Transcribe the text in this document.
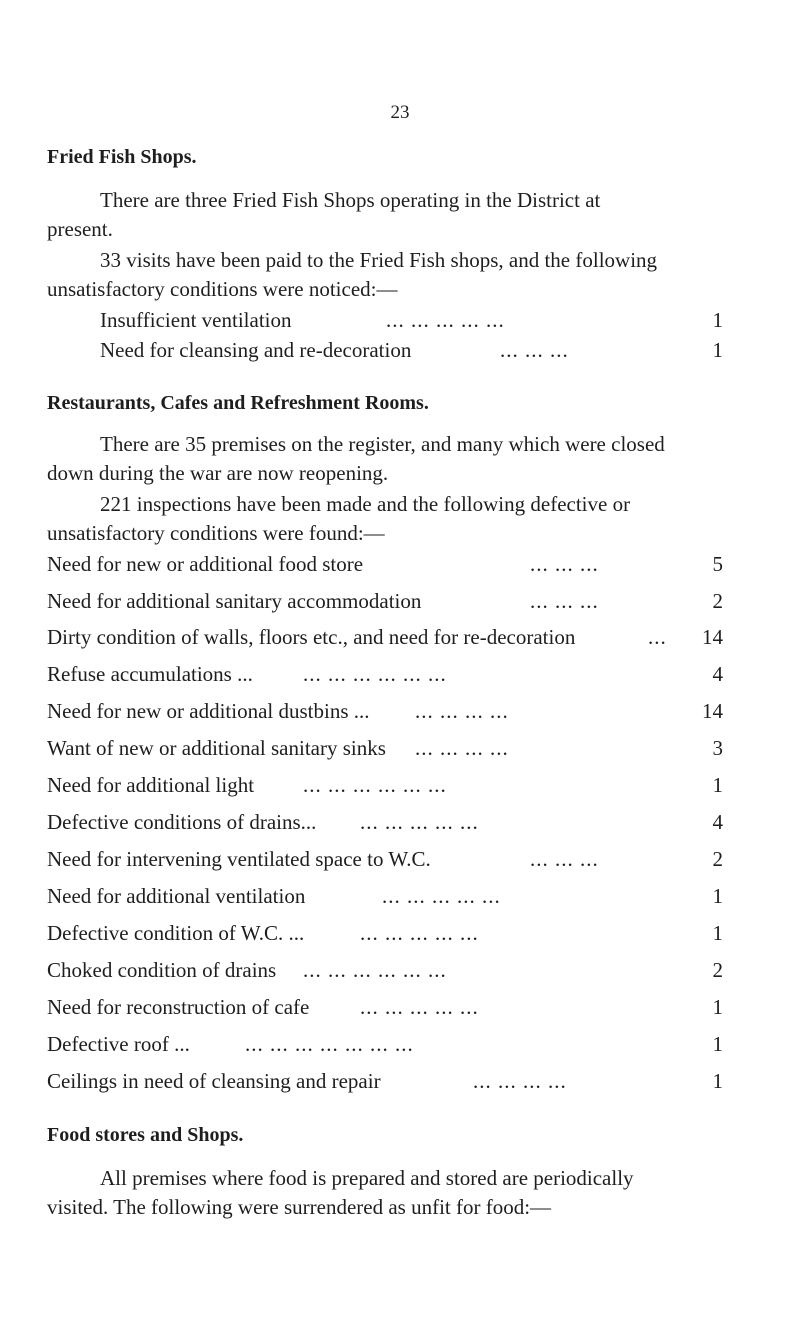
23
Fried Fish Shops.
There are three Fried Fish Shops operating in the District at
present.
33 visits have been paid to the Fried Fish shops, and the following
unsatisfactory conditions were noticed:—
Insufficient ventilation	... ... ... ... ...	1
Need for cleansing and re-decoration	... ... ...	1
Restaurants, Cafes and Refreshment Rooms.
There are 35 premises on the register, and many which were closed
down during the war are now reopening.
221 inspections have been made and the following defective or
unsatisfactory conditions were found:—
Need for new or additional food store	... ... ...	5
Need for additional sanitary accommodation	... ... ...	2
Dirty condition of walls, floors etc., and need for re-decoration	...	14
Refuse accumulations ... ... ... ... ... ... ...	4
Need for new or additional dustbins ... ... ... ... ...	14
Want of new or additional sanitary sinks ... ... ... ...	3
Need for additional light ... ... ... ... ... ...	1
Defective conditions of drains... ... ... ... ... ...	4
Need for intervening ventilated space to W.C.	... ... ...	2
Need for additional ventilation	... ... ... ... ...	1
Defective condition of W.C. ...	... ... ... ... ...	1
Choked condition of drains ... ... ... ... ... ...	2
Need for reconstruction of cafe ... ... ... ... ...	1
Defective roof ...	... ... ... ... ... ... ...	1
Ceilings in need of cleansing and repair	... ... ... ...	1
Food stores and Shops.
All premises where food is prepared and stored are periodically
visited. The following were surrendered as unfit for food:—
